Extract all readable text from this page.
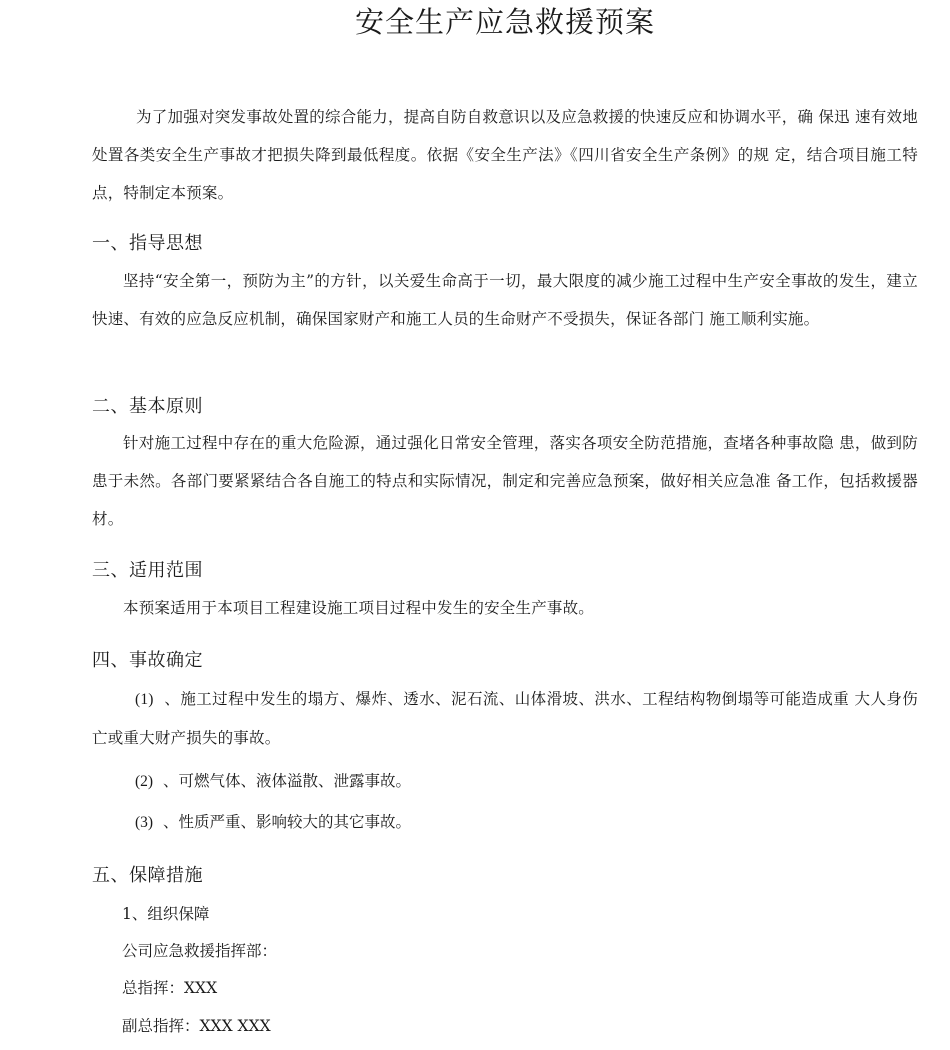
安全生产应急救援预案
为了加强对突发事故处置的综合能力，提高自防自救意识以及应急救援的快速反应和协调水平，确 保迅 速有效地处置各类安全生产事故才把损失降到最低程度。依据《安全生产法》《四川省安全生产条例》的规 定，结合项目施工特点，特制定本预案。
一、指导思想
坚持“安全第一，预防为主”的方针，以关爱生命高于一切，最大限度的减少施工过程中生产安全事故的发生，建立快速、有效的应急反应机制，确保国家财产和施工人员的生命财产不受损失，保证各部门 施工顺利实施。
二、基本原则
针对施工过程中存在的重大危险源，通过强化日常安全管理，落实各项安全防范措施，查堵各种事故隐 患，做到防患于未然。各部门要紧紧结合各自施工的特点和实际情况，制定和完善应急预案，做好相关应急准 备工作，包括救援器材。
三、适用范围
本预案适用于本项目工程建设施工项目过程中发生的安全生产事故。
四、事故确定
(1) 、施工过程中发生的塌方、爆炸、透水、泥石流、山体滑坡、洪水、工程结构物倒塌等可能造成重 大人身伤亡或重大财产损失的事故。
(2) 、可燃气体、液体溢散、泄露事故。
(3) 、性质严重、影响较大的其它事故。
五、保障措施
1、组织保障
公司应急救援指挥部：
总指挥：XXX
副总指挥：XXX XXX
